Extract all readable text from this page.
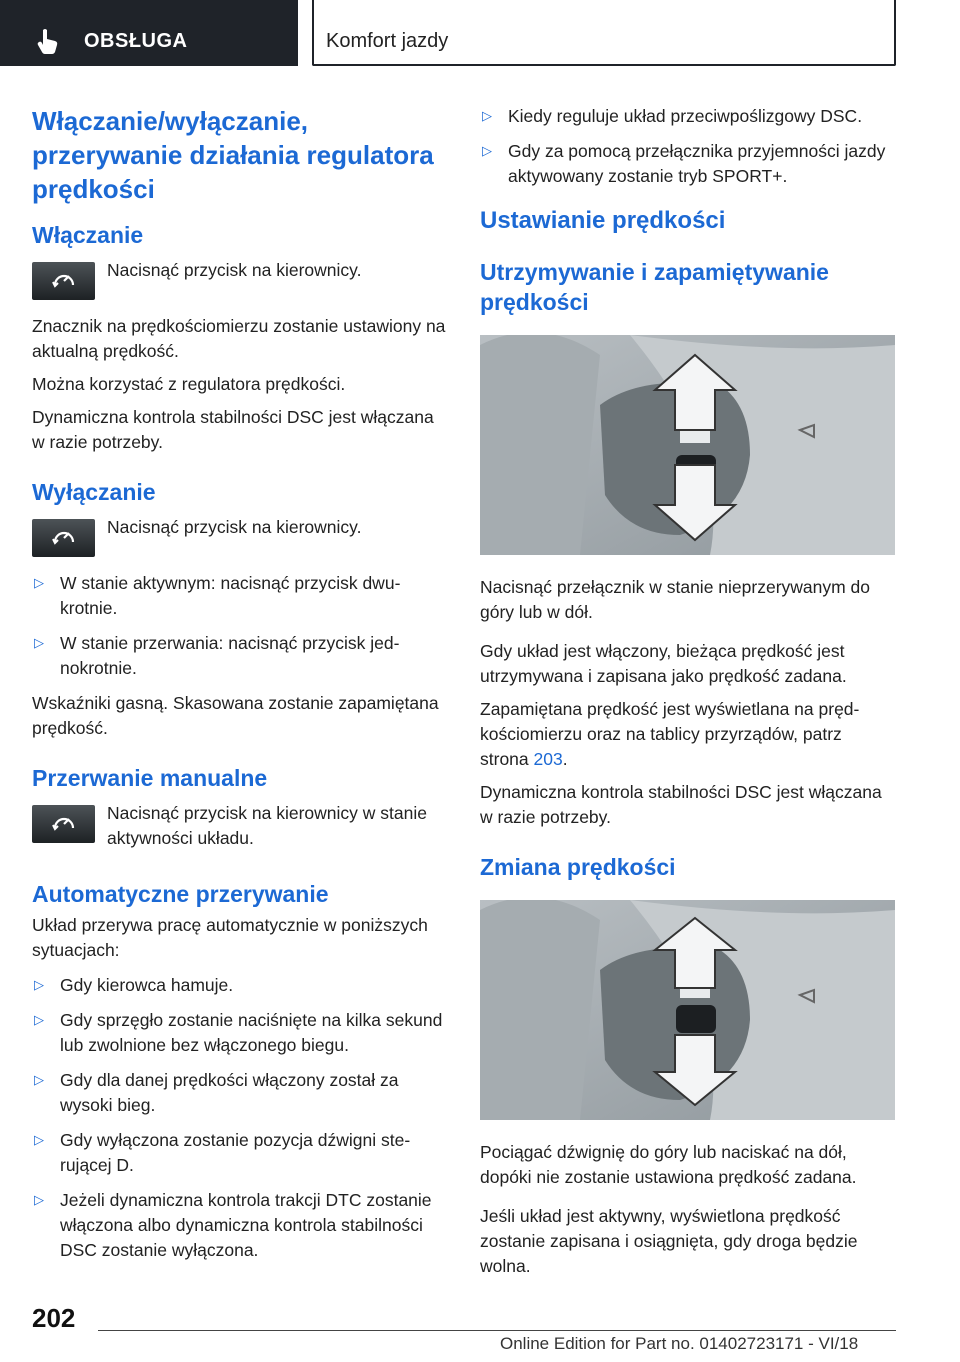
OBSŁUGA	Komfort jazdy
Włączanie/wyłączanie, przerywanie działania regulatora prędkości
Włączanie
Nacisnąć przycisk na kierownicy.

Znacznik na prędkościomierzu zostanie ustawiony na aktualną prędkość.

Można korzystać z regulatora prędkości.

Dynamiczna kontrola stabilności DSC jest włączana w razie potrzeby.

Wyłączanie
Nacisnąć przycisk na kierownicy.
▷ W stanie aktywnym: nacisnąć przycisk dwukrotnie.
▷ W stanie przerwania: nacisnąć przycisk jednokrotnie.

Wskaźniki gasną. Skasowana zostanie zapamiętana prędkość.

Przerwanie manualne
Nacisnąć przycisk na kierownicy w stanie aktywności układu.
Automatyczne przerywanie

Układ przerywa pracę automatycznie w poniższych sytuacjach:

▷ Gdy kierowca hamuje.
▷ Gdy sprzęgło zostanie naciśnięte na kilka sekund lub zwolnione bez włączonego biegu.
▷ Gdy dla danej prędkości włączony został za wysoki bieg.
▷ Gdy wyłączona zostanie pozycja dźwigni sterującej D.
▷ Jeżeli dynamiczna kontrola trakcji DTC zostanie włączona albo dynamiczna kontrola stabilności DSC zostanie wyłączona.
▷ Kiedy reguluje układ przeciwpoślizgowy DSC.
▷ Gdy za pomocą przełącznika przyjemności jazdy aktywowany zostanie tryb SPORT+.
Ustawianie prędkości
Utrzymywanie i zapamiętywanie prędkości

Nacisnąć przełącznik w stanie nieprzerywanym do góry lub w dół.

Gdy układ jest włączony, bieżąca prędkość jest utrzymywana i zapisana jako prędkość zadana.

Zapamiętana prędkość jest wyświetlana na prędkościomierzu oraz na tablicy przyrządów, patrz strona 203.

Dynamiczna kontrola stabilności DSC jest włączana w razie potrzeby.

Zmiana prędkości

Pociągać dźwignię do góry lub naciskać na dół, dopóki nie zostanie ustawiona prędkość zadana.

Jeśli układ jest aktywny, wyświetlona prędkość zostanie zapisana i osiągnięta, gdy droga będzie wolna.

202
Online Edition for Part no. 01402723171 - VI/18
